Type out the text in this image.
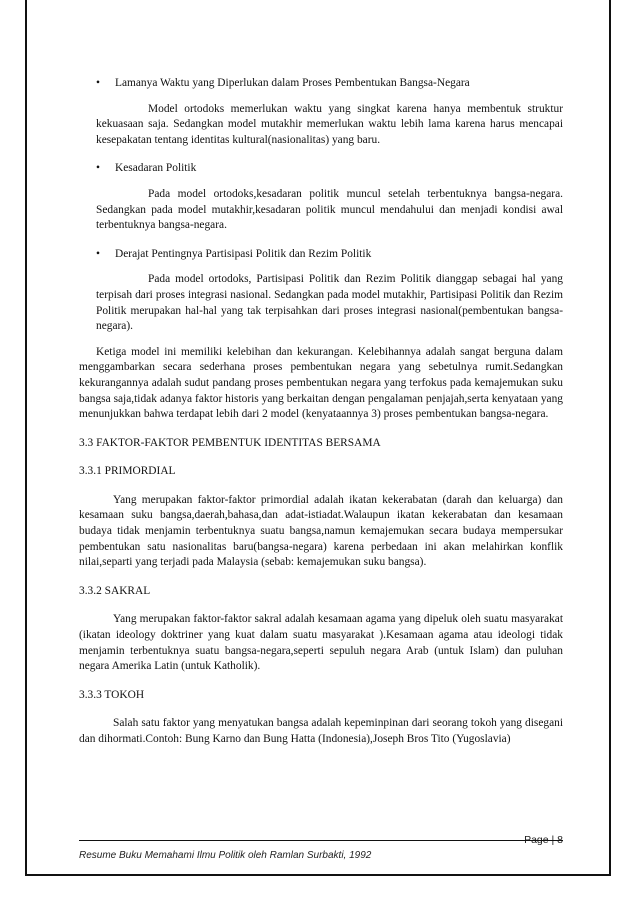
• Lamanya Waktu yang Diperlukan dalam Proses Pembentukan Bangsa-Negara
Model ortodoks memerlukan waktu yang singkat karena hanya membentuk struktur kekuasaan saja. Sedangkan model mutakhir memerlukan waktu lebih lama karena harus mencapai kesepakatan tentang identitas kultural(nasionalitas) yang baru.
• Kesadaran Politik
Pada model ortodoks,kesadaran politik muncul setelah terbentuknya bangsa-negara. Sedangkan pada model mutakhir,kesadaran politik muncul mendahului dan menjadi kondisi awal terbentuknya bangsa-negara.
• Derajat Pentingnya Partisipasi Politik dan Rezim Politik
Pada model ortodoks, Partisipasi Politik dan Rezim Politik dianggap sebagai hal yang terpisah dari proses integrasi nasional. Sedangkan pada model mutakhir, Partisipasi Politik dan Rezim Politik merupakan hal-hal yang tak terpisahkan dari proses integrasi nasional(pembentukan bangsa-negara).
Ketiga model ini memiliki kelebihan dan kekurangan. Kelebihannya adalah sangat berguna dalam menggambarkan secara sederhana proses pembentukan negara yang sebetulnya rumit.Sedangkan kekurangannya adalah sudut pandang proses pembentukan negara yang terfokus pada kemajemukan suku bangsa saja,tidak adanya faktor historis yang berkaitan dengan pengalaman penjajah,serta kenyataan yang menunjukkan bahwa terdapat lebih dari 2 model (kenyataannya 3) proses pembentukan bangsa-negara.
3.3 FAKTOR-FAKTOR PEMBENTUK IDENTITAS BERSAMA
3.3.1 PRIMORDIAL
Yang merupakan faktor-faktor primordial adalah ikatan kekerabatan (darah dan keluarga) dan kesamaan suku bangsa,daerah,bahasa,dan adat-istiadat.Walaupun ikatan kekerabatan dan kesamaan budaya tidak menjamin terbentuknya suatu bangsa,namun kemajemukan secara budaya mempersukar pembentukan satu nasionalitas baru(bangsa-negara) karena perbedaan ini akan melahirkan konflik nilai,separti yang terjadi pada Malaysia (sebab: kemajemukan suku bangsa).
3.3.2 SAKRAL
Yang merupakan faktor-faktor sakral adalah kesamaan agama yang dipeluk oleh suatu masyarakat (ikatan ideology doktriner yang kuat dalam suatu masyarakat ).Kesamaan agama atau ideologi tidak menjamin terbentuknya suatu bangsa-negara,seperti sepuluh negara Arab (untuk Islam) dan puluhan negara Amerika Latin (untuk Katholik).
3.3.3 TOKOH
Salah satu faktor yang menyatukan bangsa adalah kepeminpinan dari seorang tokoh yang disegani dan dihormati.Contoh: Bung Karno dan Bung Hatta (Indonesia),Joseph Bros Tito (Yugoslavia)
Page | 8
Resume Buku Memahami Ilmu Politik oleh Ramlan Surbakti, 1992
